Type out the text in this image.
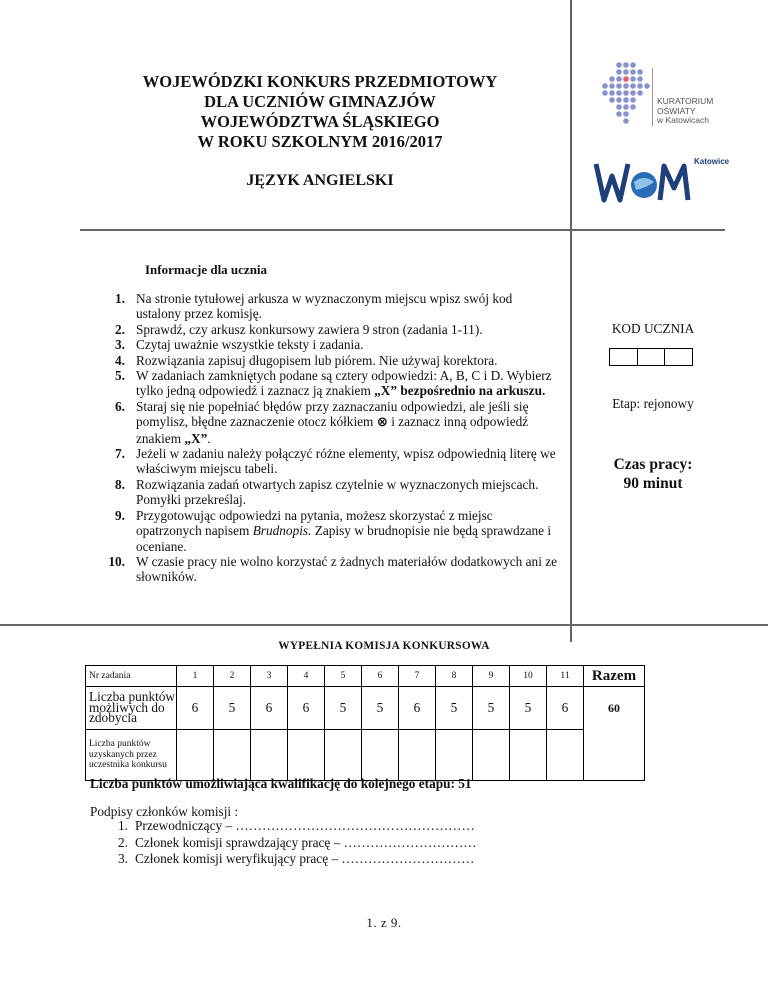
WOJEWÓDZKI KONKURS PRZEDMIOTOWY
DLA UCZNIÓW GIMNAZJÓW
WOJEWÓDZTWA ŚLĄSKIEGO
W ROKU SZKOLNYM 2016/2017
JĘZYK ANGIELSKI
KURATORIUM
OŚWIATY
w Katowicach
Katowice
Informacje dla ucznia
1. Na stronie tytułowej arkusza w wyznaczonym miejscu wpisz swój kod ustalony przez komisję.
2. Sprawdź, czy arkusz konkursowy zawiera 9 stron (zadania 1-11).
3. Czytaj uważnie wszystkie teksty i zadania.
4. Rozwiązania zapisuj długopisem lub piórem. Nie używaj korektora.
5. W zadaniach zamkniętych podane są cztery odpowiedzi: A, B, C i D. Wybierz tylko jedną odpowiedź i zaznacz ją znakiem „X” bezpośrednio na arkuszu.
6. Staraj się nie popełniać błędów przy zaznaczaniu odpowiedzi, ale jeśli się pomylisz, błędne zaznaczenie otocz kółkiem ⊗ i zaznacz inną odpowiedź znakiem „X”.
7. Jeżeli w zadaniu należy połączyć różne elementy, wpisz odpowiednią literę we właściwym miejscu tabeli.
8. Rozwiązania zadań otwartych zapisz czytelnie w wyznaczonych miejscach. Pomyłki przekreślaj.
9. Przygotowując odpowiedzi na pytania, możesz skorzystać z miejsc opatrzonych napisem Brudnopis. Zapisy w brudnopisie nie będą sprawdzane i oceniane.
10. W czasie pracy nie wolno korzystać z żadnych materiałów dodatkowych ani ze słowników.
KOD UCZNIA
Etap: rejonowy
Czas pracy:
90 minut
WYPEŁNIA KOMISJA KONKURSOWA
Nr zadania	1	2	3	4	5	6	7	8	9	10	11	Razem
Liczba punktów możliwych do zdobycia	6	5	6	6	5	5	6	5	5	5	6	60
Liczba punktów uzyskanych przez uczestnika konkursu												
Liczba punktów umożliwiająca kwalifikację do kolejnego etapu: 51
Podpisy członków komisji :
1. Przewodniczący – ………………………………………………
2. Członek komisji sprawdzający pracę – …………………………
3. Członek komisji weryfikujący pracę – …………………………
1. z 9.
